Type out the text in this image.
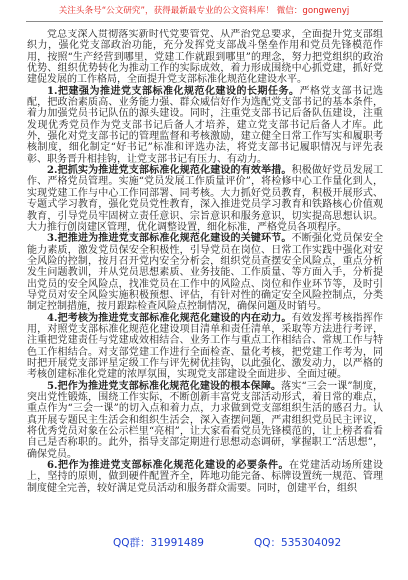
关注头条号“公文研究”，获得最新最专业的公文资料库！ 微信：gongwenyj

党总支深入贯彻落实新时代党要管党、从严治党总要求，全面提升党支部组织力，强化党支部政治功能，充分发挥党支部战斗堡垒作用和党员先锋模范作用，按照“生产经营到哪里，党建工作就跟到哪里”的理念，努力把党组织的政治优势、组织优势转化为推动工作的实际成效，着力形成围绕中心抓党建，抓好党建促发展的工作格局，全面提升党支部标准化规范化建设水平。

1.把建强为推进党支部标准化规范化建设的长期任务。严格党支部书记选配，把政治素质高、业务能力强、群众威信好作为选配党支部书记的基本条件，着力加强党员书记队伍的源头建设。同时，注重党支部书记后备队伍建设，注重发现优秀党员作为党支部书记后备人才培养，建立党支部书记后备人才库。此外，强化对党支部书记的管理监督和考核激励，建立健全日常工作写实和履职考核制度，细化制定“好书记”标准和评选办法，将党支部书记履职情况与评先表彰、职务晋升相挂钩，让党支部书记有压力、有动力。

2.把抓实为推进党支部标准化规范化建设的有效举措。积极做好党员发展工作、严格党员管理。实施“党员发展工作质量评价”，将检修中心工作量化到人，实现党建工作与中心工作同部署、同考核。大力抓好党员教育，积极开展形式、专题式学习教育，强化党员党性教育，深入推进党员学习教育和铁路核心价值观教育，引导党员牢固树立责任意识、宗旨意识和服务意识，切实提高思想认识。大力推行创岗建区管理，优化调整设置，细化标准，严格党员各项程序。

3.把推进为推进党支部标准化规范化建设的关键环节。不断强化党员保安全能力素质，激发党员保安全积极性，引导党员在岗位、日常工作实践中强化对安全风险的控制，按月召开党内安全分析会，组织党员查摆安全风险点，重点分析发生问题教训，并从党员思想素质、业务技能、工作质量、等方面入手，分析提出党员的安全风险点，找准党员在工作中的风险点、岗位和作业环节等，及时引导党员对安全风险实施积极预想、评估，有针对性的确定安全风险控制点，分类制定控制措施，按月跟踪检查风险点控制情况，确保问题及时销号。

4.把考核为推进党支部标准化规范化建设的内在动力。有效发挥考核指挥作用，对照党支部标准化规范化建设项目清单和责任清单，采取等方法进行考评，注重把党建责任与党建成效相结合、业务工作与重点工作相结合、常规工作与特色工作相结合。对支部党建工作进行全面检查、量化考核，把党建工作考为，同时把开展党支部评星定级工作与评先树优挂钩，以此强化、激发动力，以严格的考核创建标准化党建的浓厚氛围，实现党支部建设全面进步、全面过硬。

5.把作为推进党支部标准化规范化建设的根本保障。落实“三会一课”制度，突出党性锻炼，围绕工作实际，不断创新丰富党支部活动形式，着日常的难点，重点作为“三会一课”的切入点和着力点，力求做到党支部组织生活的感召力。认真开展专题民主生活会和组织生活会，深入查摆问题，严肃组织党员民主评议，将优秀党员对象在公示栏里“亮相”，让大家看看党员先锋模范的，让上榜者看看自己是否称职的。此外，指导支部定期进行思想动态调研，掌握职工“活思想”，确保党员。

6.把作为推进党支部标准化规范化建设的必要条件。在党建活动场所建设上，坚持的原则，做到硬件配置齐全，阵地功能完备、标牌设置统一规范、管理制度健全完善，较好满足党员活动和服务群众需要。同时，创建平台，组织

QQ群：31991489	QQ：535304092
